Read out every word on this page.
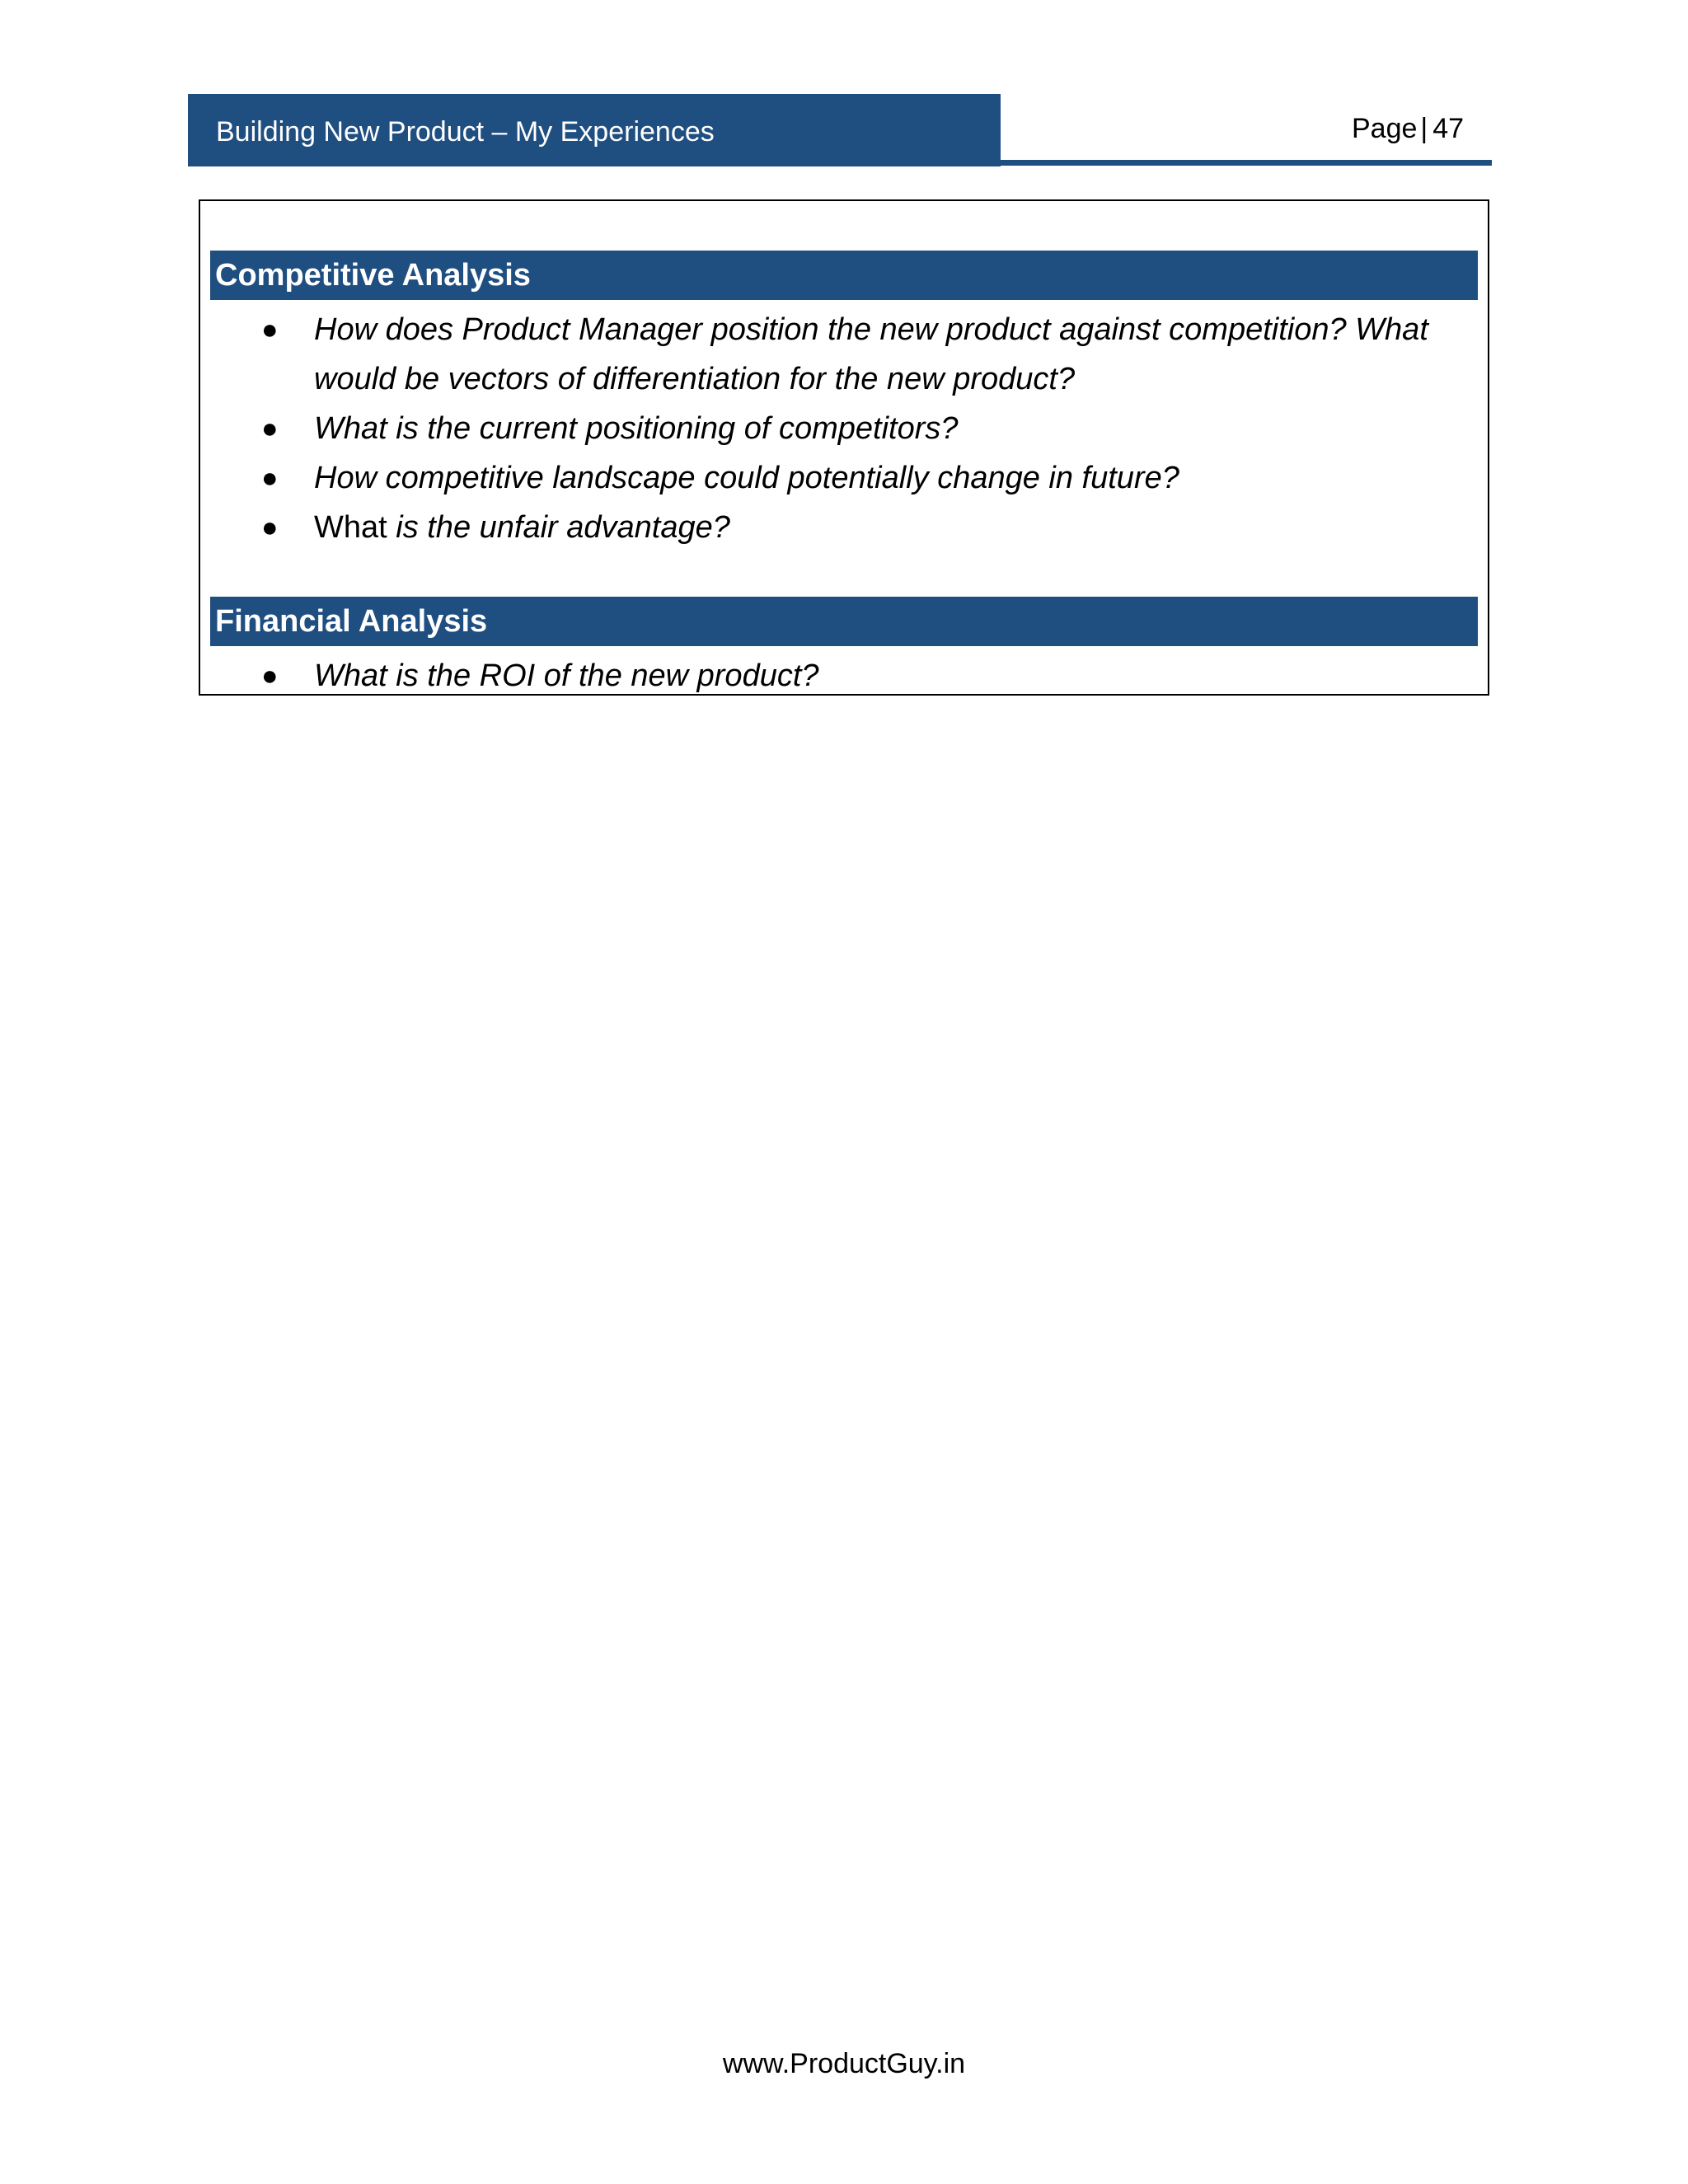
Building New Product – My Experiences	Page | 47
Competitive Analysis
● How does Product Manager position the new product against competition? What would be vectors of differentiation for the new product?
● What is the current positioning of competitors?
● How competitive landscape could potentially change in future?
● What is the unfair advantage?
Financial Analysis
● What is the ROI of the new product?
www.ProductGuy.in
